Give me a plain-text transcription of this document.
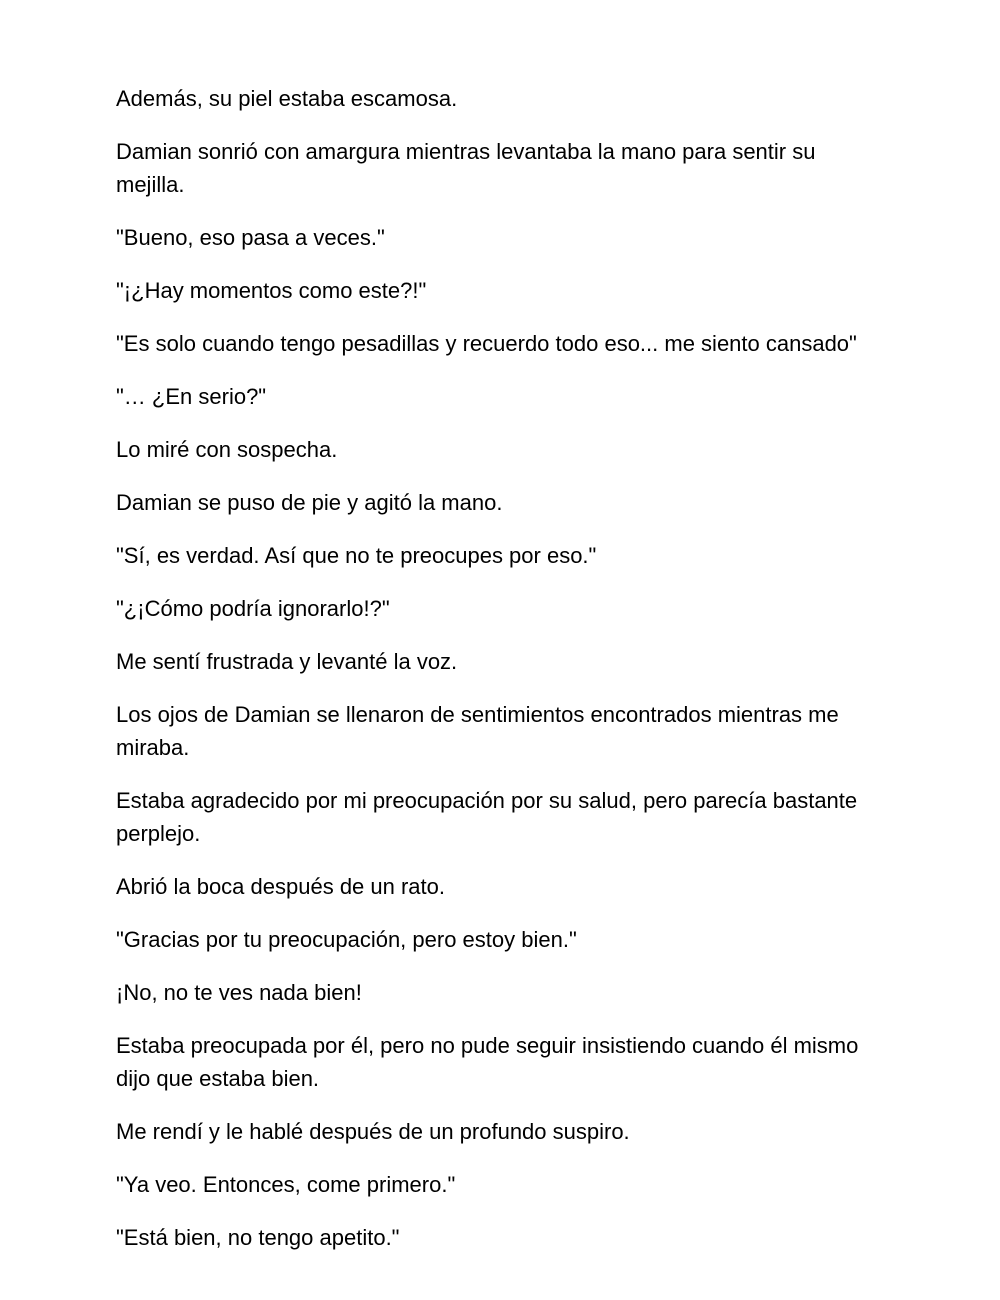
Además, su piel estaba escamosa.

Damian sonrió con amargura mientras levantaba la mano para sentir su mejilla.

"Bueno, eso pasa a veces."

"¡¿Hay momentos como este?!"

"Es solo cuando tengo pesadillas y recuerdo todo eso... me siento cansado"

"… ¿En serio?"

Lo miré con sospecha.

Damian se puso de pie y agitó la mano.

"Sí, es verdad. Así que no te preocupes por eso."

"¿¡Cómo podría ignorarlo!?"

Me sentí frustrada y levanté la voz.

Los ojos de Damian se llenaron de sentimientos encontrados mientras me miraba.

Estaba agradecido por mi preocupación por su salud, pero parecía bastante perplejo.

Abrió la boca después de un rato.

"Gracias por tu preocupación, pero estoy bien."

¡No, no te ves nada bien!

Estaba preocupada por él, pero no pude seguir insistiendo cuando él mismo dijo que estaba bien.

Me rendí y le hablé después de un profundo suspiro.

"Ya veo. Entonces, come primero."

"Está bien, no tengo apetito."
